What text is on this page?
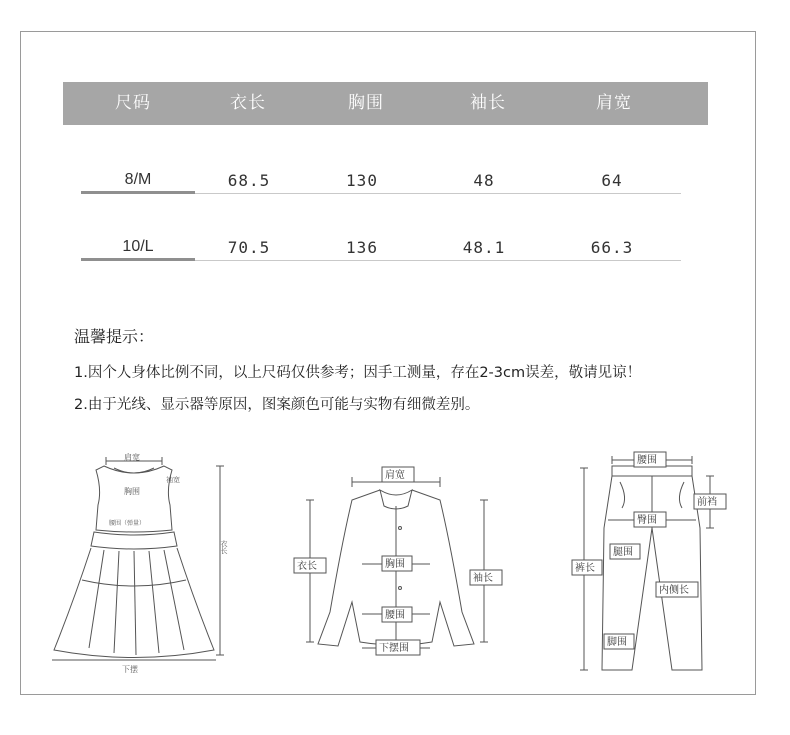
尺码	衣长	胸围	袖长	肩宽
8/M	68.5	130	48	64
10/L	70.5	136	48.1	66.3
温馨提示：
1.因个人身体比例不同，以上尺码仅供参考；因手工测量，存在2-3cm误差，敬请见谅！
2.由于光线、显示器等原因，图案颜色可能与实物有细微差别。
肩宽
胸围
袖宽
腰围（弹量）
衣长
下摆
肩宽
衣长	胸围
腰围
袖长
下摆围
腰围
前裆
臀围
腿围
裤长
内侧长
脚围
